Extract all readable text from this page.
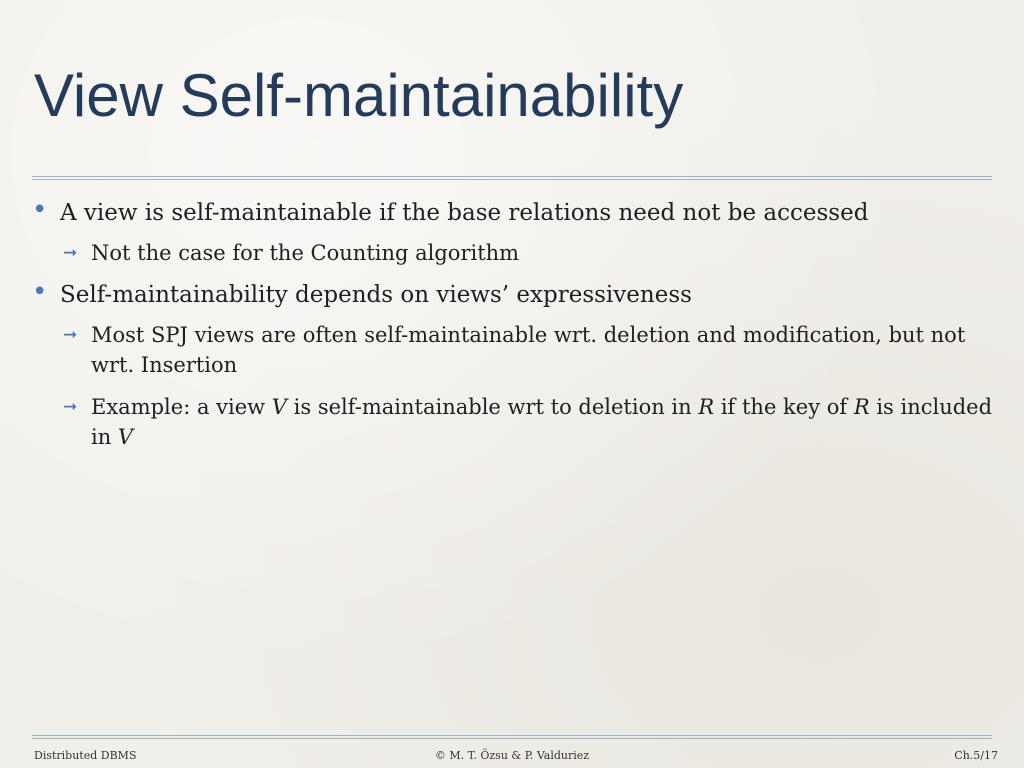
View Self-maintainability
• A view is self-maintainable if the base relations need not be accessed
➞ Not the case for the Counting algorithm
• Self-maintainability depends on views’ expressiveness
➞ Most SPJ views are often self-maintainable wrt. deletion and modification, but not wrt. Insertion
➞ Example: a view V is self-maintainable wrt to deletion in R if the key of R is included in V
Distributed DBMS	© M. T. Özsu & P. Valduriez	Ch.5/17
